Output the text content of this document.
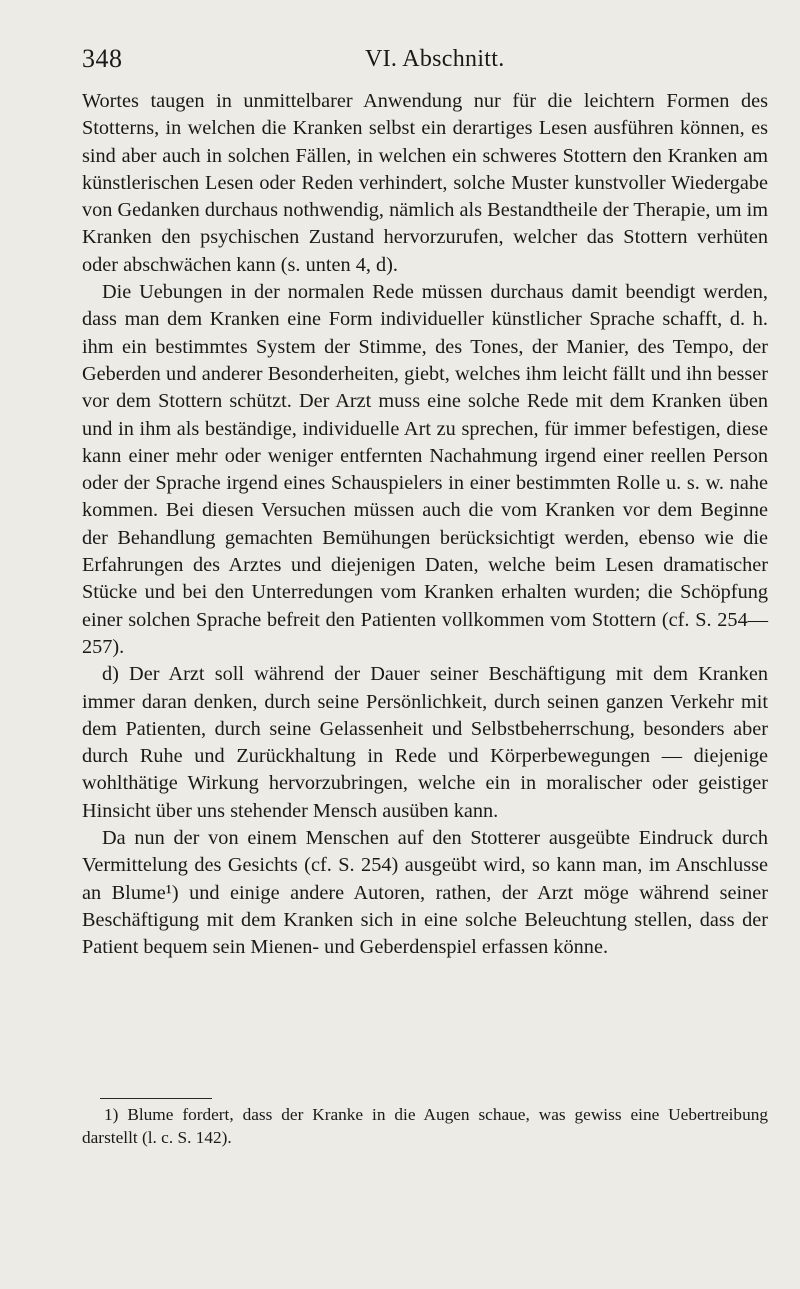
348	VI. Abschnitt.

Wortes taugen in unmittelbarer Anwendung nur für die leichtern Formen des Stotterns, in welchen die Kranken selbst ein derartiges Lesen ausführen können, es sind aber auch in solchen Fällen, in welchen ein schweres Stottern den Kranken am künstlerischen Lesen oder Reden verhindert, solche Muster kunstvoller Wiedergabe von Gedanken durchaus nothwendig, nämlich als Bestandtheile der Therapie, um im Kranken den psychischen Zustand hervorzurufen, welcher das Stottern verhüten oder abschwächen kann (s. unten 4, d).

Die Uebungen in der normalen Rede müssen durchaus damit beendigt werden, dass man dem Kranken eine Form individueller künstlicher Sprache schafft, d. h. ihm ein bestimmtes System der Stimme, des Tones, der Manier, des Tempo, der Geberden und anderer Besonderheiten, giebt, welches ihm leicht fällt und ihn besser vor dem Stottern schützt. Der Arzt muss eine solche Rede mit dem Kranken üben und in ihm als beständige, individuelle Art zu sprechen, für immer befestigen, diese kann einer mehr oder weniger entfernten Nachahmung irgend einer reellen Person oder der Sprache irgend eines Schauspielers in einer bestimmten Rolle u. s. w. nahe kommen. Bei diesen Versuchen müssen auch die vom Kranken vor dem Beginne der Behandlung gemachten Bemühungen berücksichtigt werden, ebenso wie die Erfahrungen des Arztes und diejenigen Daten, welche beim Lesen dramatischer Stücke und bei den Unterredungen vom Kranken erhalten wurden; die Schöpfung einer solchen Sprache befreit den Patienten vollkommen vom Stottern (cf. S. 254—257).

d) Der Arzt soll während der Dauer seiner Beschäftigung mit dem Kranken immer daran denken, durch seine Persönlichkeit, durch seinen ganzen Verkehr mit dem Patienten, durch seine Gelassenheit und Selbstbeherrschung, besonders aber durch Ruhe und Zurückhaltung in Rede und Körperbewegungen — diejenige wohlthätige Wirkung hervorzubringen, welche ein in moralischer oder geistiger Hinsicht über uns stehender Mensch ausüben kann.

Da nun der von einem Menschen auf den Stotterer ausgeübte Eindruck durch Vermittelung des Gesichts (cf. S. 254) ausgeübt wird, so kann man, im Anschlusse an Blume¹) und einige andere Autoren, rathen, der Arzt möge während seiner Beschäftigung mit dem Kranken sich in eine solche Beleuchtung stellen, dass der Patient bequem sein Mienen- und Geberdenspiel erfassen könne.

1) Blume fordert, dass der Kranke in die Augen schaue, was gewiss eine Uebertreibung darstellt (l. c. S. 142).
